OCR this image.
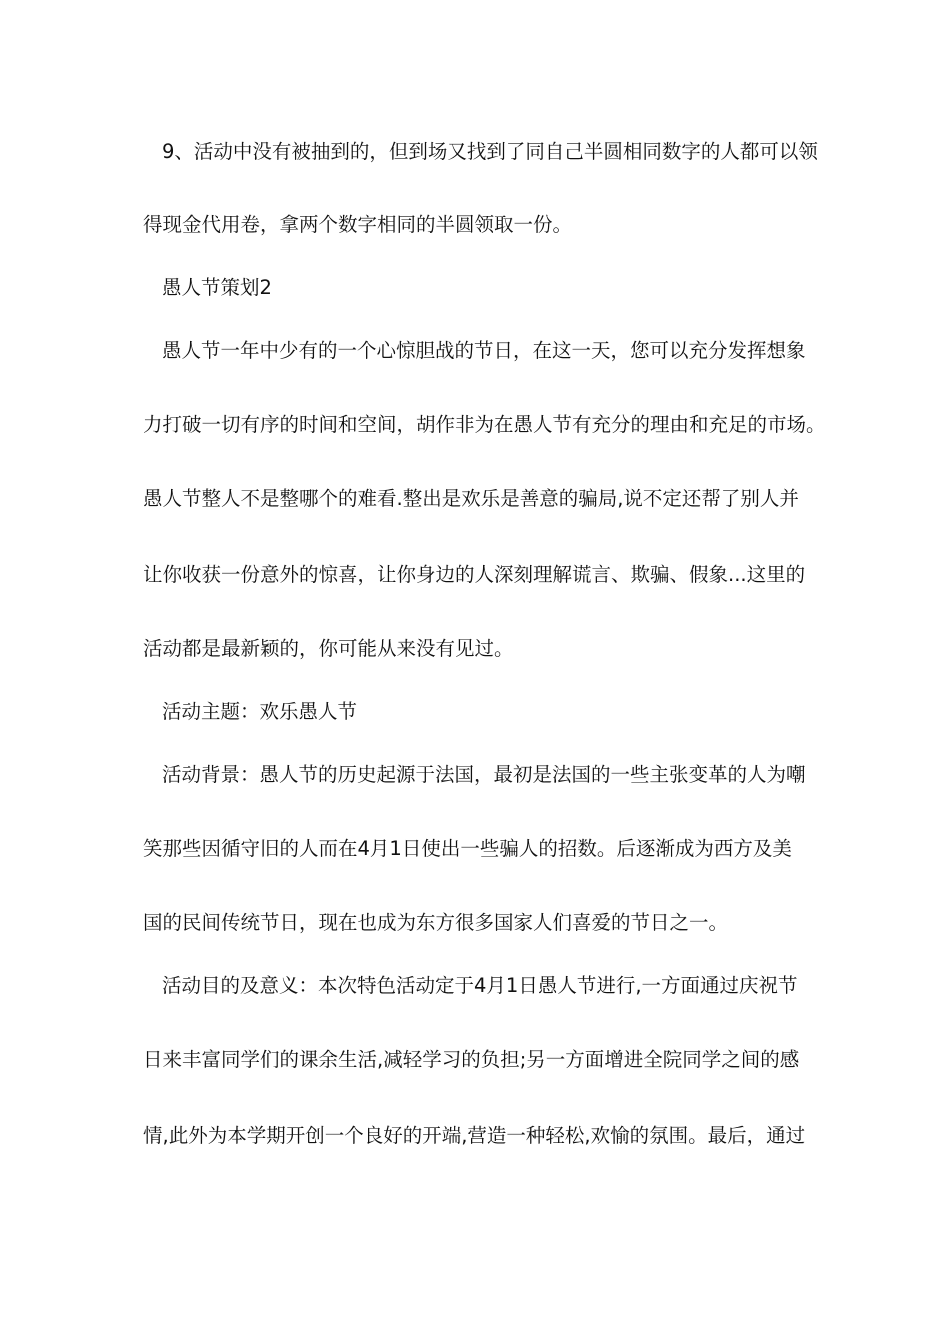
9、活动中没有被抽到的，但到场又找到了同自己半圆相同数字的人都可以领

得现金代用卷，拿两个数字相同的半圆领取一份。

愚人节策划2

愚人节一年中少有的一个心惊胆战的节日，在这一天，您可以充分发挥想象

力打破一切有序的时间和空间，胡作非为在愚人节有充分的理由和充足的市场。

愚人节整人不是整哪个的难看.整出是欢乐是善意的骗局,说不定还帮了别人并

让你收获一份意外的惊喜，让你身边的人深刻理解谎言、欺骗、假象...这里的

活动都是最新颖的，你可能从来没有见过。

活动主题：欢乐愚人节

活动背景：愚人节的历史起源于法国，最初是法国的一些主张变革的人为嘲

笑那些因循守旧的人而在4月1日使出一些骗人的招数。后逐渐成为西方及美

国的民间传统节日，现在也成为东方很多国家人们喜爱的节日之一。

活动目的及意义：本次特色活动定于4月1日愚人节进行,一方面通过庆祝节

日来丰富同学们的课余生活,减轻学习的负担;另一方面增进全院同学之间的感

情,此外为本学期开创一个良好的开端,营造一种轻松,欢愉的氛围。最后，通过
